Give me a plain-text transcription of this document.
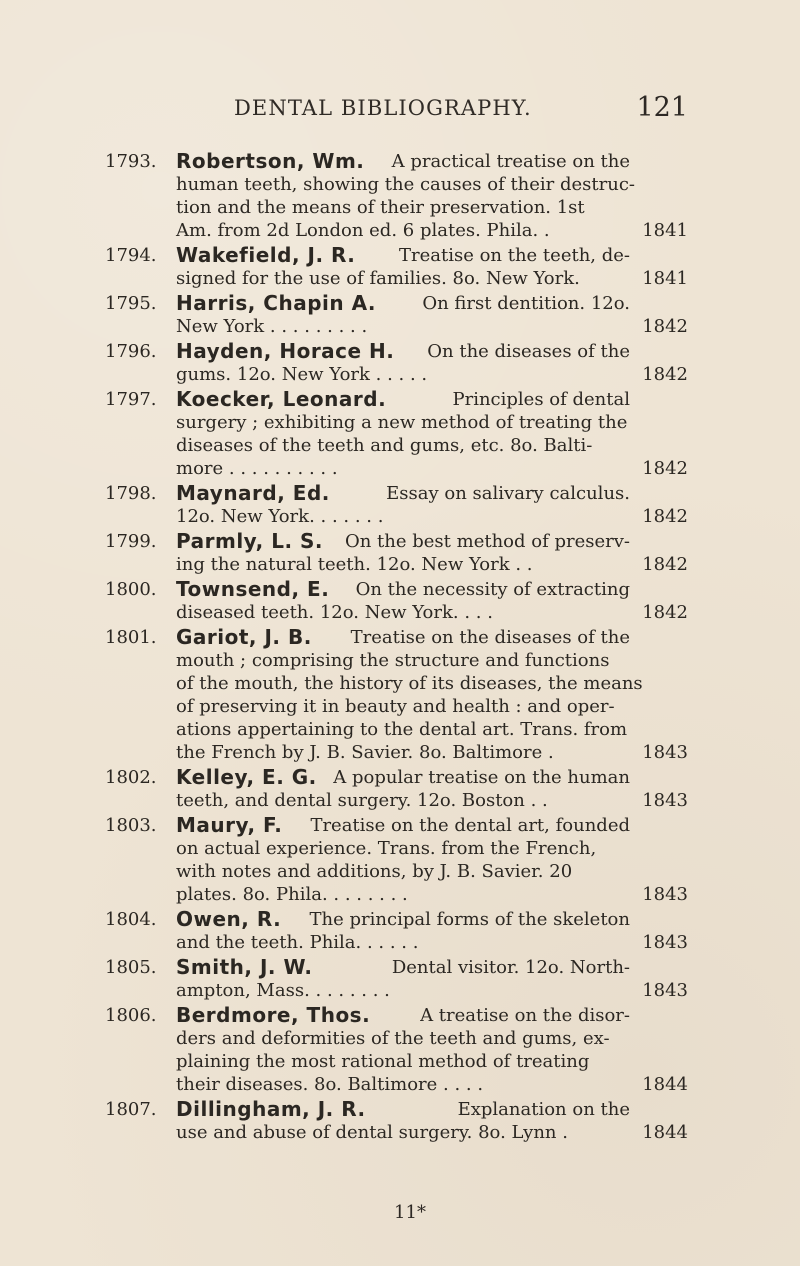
DENTAL BIBLIOGRAPHY.	121
1793. Robertson, Wm. A practical treatise on the
human teeth, showing the causes of their destruc-
tion and the means of their preservation. 1st
Am. from 2d London ed. 6 plates. Phila. .	1841
1794. Wakefield, J. R. Treatise on the teeth, de-
signed for the use of families. 8o. New York.	1841
1795. Harris, Chapin A.	On first dentition. 12o.
New York . . . . . . . . .	1842
1796. Hayden, Horace H. On the diseases of the
gums. 12o. New York . . . . .	1842
1797. Koecker, Leonard.	Principles of dental
surgery ; exhibiting a new method of treating the
diseases of the teeth and gums, etc. 8o. Balti-
more . . . . . . . . . .	1842
1798. Maynard, Ed.	Essay on salivary calculus.
12o. New York. . . . . . .	1842
1799. Parmly, L. S. On the best method of preserv-
ing the natural teeth. 12o. New York . .	1842
1800. Townsend, E. On the necessity of extracting
diseased teeth. 12o. New York. . . .	1842
1801. Gariot, J. B. Treatise on the diseases of the
mouth ; comprising the structure and functions
of the mouth, the history of its diseases, the means
of preserving it in beauty and health : and oper-
ations appertaining to the dental art. Trans. from
the French by J. B. Savier. 8o. Baltimore .	1843
1802. Kelley, E. G. A popular treatise on the human
teeth, and dental surgery. 12o. Boston . .	1843
1803. Maury, F. Treatise on the dental art, founded
on actual experience. Trans. from the French,
with notes and additions, by J. B. Savier. 20
plates. 8o. Phila. . . . . . . .	1843
1804. Owen, R. The principal forms of the skeleton
and the teeth. Phila. . . . . .	1843
1805. Smith, J. W.	Dental visitor. 12o. North-
ampton, Mass. . . . . . . .	1843
1806. Berdmore, Thos.	A treatise on the disor-
ders and deformities of the teeth and gums, ex-
plaining the most rational method of treating
their diseases. 8o. Baltimore . . . .	1844
1807. Dillingham, J. R.	Explanation on the
use and abuse of dental surgery. 8o. Lynn .	1844
11*
